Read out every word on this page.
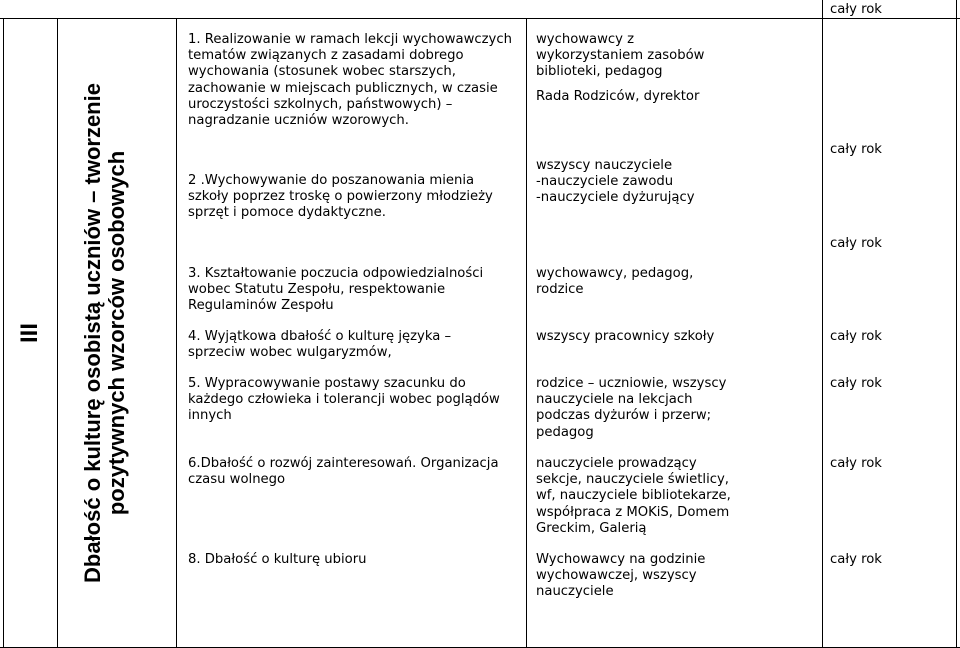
cały rok
III Dbałość o kulturę osobistą uczniów – tworzenie pozytywnych wzorców osobowych
1. Realizowanie w ramach lekcji wychowawczych
tematów związanych z zasadami dobrego
wychowania (stosunek wobec starszych,
zachowanie w miejscach publicznych, w czasie
uroczystości szkolnych, państwowych) –
nagradzanie uczniów wzorowych.
wychowawcy z
wykorzystaniem zasobów
biblioteki, pedagog
Rada Rodziców, dyrektor
2 .Wychowywanie do poszanowania mienia
szkoły poprzez troskę o powierzony młodzieży
sprzęt i pomoce dydaktyczne.
wszyscy nauczyciele
-nauczyciele zawodu
-nauczyciele dyżurujący
cały rok
3. Kształtowanie poczucia odpowiedzialności
wobec Statutu Zespołu, respektowanie
Regulaminów Zespołu
wychowawcy, pedagog,
rodzice
cały rok
4. Wyjątkowa dbałość o kulturę języka –
sprzeciw wobec wulgaryzmów,
wszyscy pracownicy szkoły	cały rok
5. Wypracowywanie postawy szacunku do
każdego człowieka i tolerancji wobec poglądów
innych
rodzice – uczniowie, wszyscy
nauczyciele na lekcjach
podczas dyżurów i przerw;
pedagog
cały rok
6.Dbałość o rozwój zainteresowań. Organizacja
czasu wolnego
nauczyciele prowadzący
sekcje, nauczyciele świetlicy,
wf, nauczyciele bibliotekarze,
współpraca z MOKiS, Domem
Greckim, Galerią
cały rok
8. Dbałość o kulturę ubioru	Wychowawcy na godzinie
wychowawczej, wszyscy
nauczyciele
cały rok
